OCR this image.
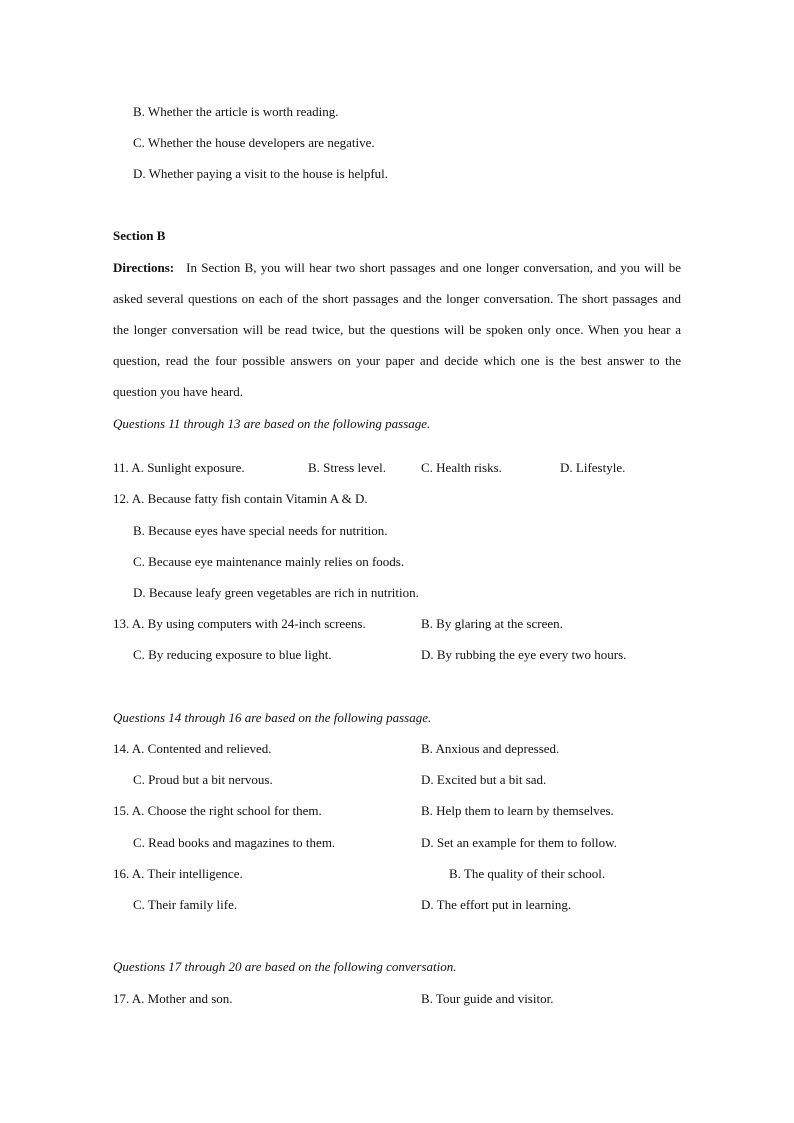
B. Whether the article is worth reading.
C. Whether the house developers are negative.
D. Whether paying a visit to the house is helpful.
Section B
Directions: In Section B, you will hear two short passages and one longer conversation, and you will be asked several questions on each of the short passages and the longer conversation. The short passages and the longer conversation will be read twice, but the questions will be spoken only once. When you hear a question, read the four possible answers on your paper and decide which one is the best answer to the question you have heard.
Questions 11 through 13 are based on the following passage.
11. A. Sunlight exposure.	B. Stress level.	C. Health risks.	D. Lifestyle.
12. A. Because fatty fish contain Vitamin A & D.
B. Because eyes have special needs for nutrition.
C. Because eye maintenance mainly relies on foods.
D. Because leafy green vegetables are rich in nutrition.
13. A. By using computers with 24-inch screens.	B. By glaring at the screen.
C. By reducing exposure to blue light.	D. By rubbing the eye every two hours.
Questions 14 through 16 are based on the following passage.
14. A. Contented and relieved.	B. Anxious and depressed.
C. Proud but a bit nervous.	D. Excited but a bit sad.
15. A. Choose the right school for them.	B. Help them to learn by themselves.
C. Read books and magazines to them.	D. Set an example for them to follow.
16. A. Their intelligence.	B. The quality of their school.
C. Their family life.	D. The effort put in learning.
Questions 17 through 20 are based on the following conversation.
17. A. Mother and son.	B. Tour guide and visitor.
